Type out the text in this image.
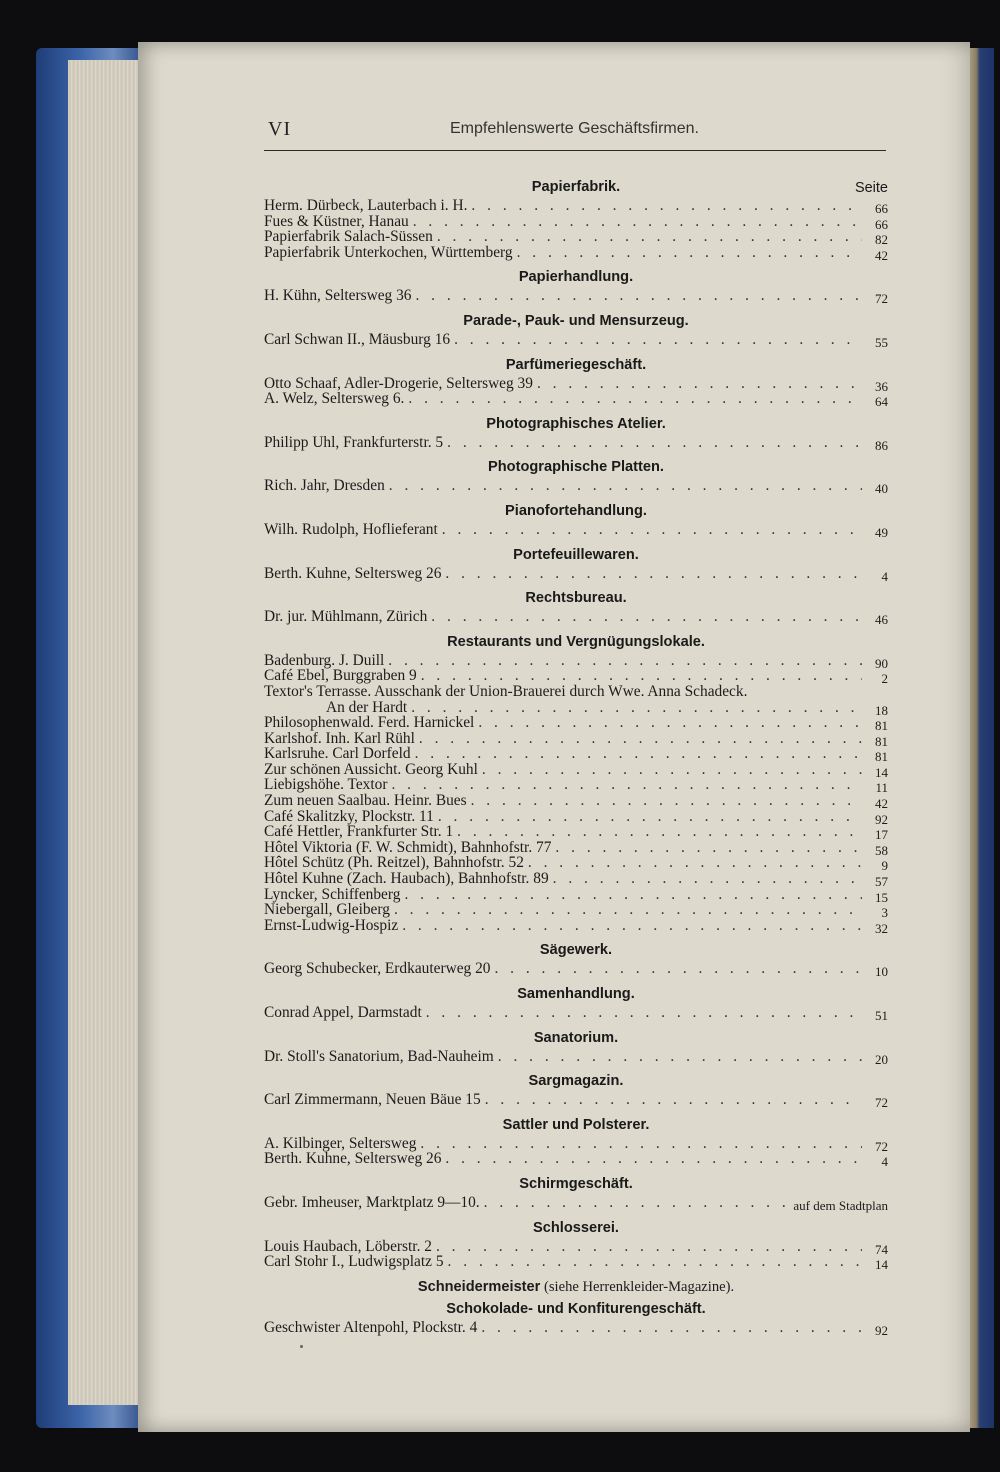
VI	Empfehlenswerte Geschäftsfirmen.
Papierfabrik.	Seite
Herm. Dürbeck, Lauterbach i. H. . . .	66
Fues & Küstner, Hanau . . .	66
Papierfabrik Salach-Süssen . . .	82
Papierfabrik Unterkochen, Württemberg . . .	42
Papierhandlung.
H. Kühn, Seltersweg 36 . . .	72
Parade-, Pauk- und Mensurzeug.
Carl Schwan II., Mäusburg 16 . . .	55
Parfümeriegeschäft.
Otto Schaaf, Adler-Drogerie, Seltersweg 39 . . .	36
A. Welz, Seltersweg 6. . . .	64
Photographisches Atelier.
Philipp Uhl, Frankfurterstr. 5 . . .	86
Photographische Platten.
Rich. Jahr, Dresden . . .	40
Pianofortehandlung.
Wilh. Rudolph, Hoflieferant . . .	49
Portefeuillewaren.
Berth. Kuhne, Seltersweg 26 . . .	4
Rechtsbureau.
Dr. jur. Mühlmann, Zürich . . .	46
Restaurants und Vergnügungslokale.
Badenburg. J. Duill . . .	90
Café Ebel, Burggraben 9 . . .	2
Textor's Terrasse. Ausschank der Union-Brauerei durch Wwe. Anna Schadeck.
An der Hardt . . .	18
Philosophenwald. Ferd. Harnickel . . .	81
Karlshof. Inh. Karl Rühl . . .	81
Karlsruhe. Carl Dorfeld . . .	81
Zur schönen Aussicht. Georg Kuhl . . .	14
Liebigshöhe. Textor . . .	11
Zum neuen Saalbau. Heinr. Bues . . .	42
Café Skalitzky, Plockstr. 11 . . .	92
Café Hettler, Frankfurter Str. 1 . . .	17
Hôtel Viktoria (F. W. Schmidt), Bahnhofstr. 77 . . .	58
Hôtel Schütz (Ph. Reitzel), Bahnhofstr. 52 . . .	9
Hôtel Kuhne (Zach. Haubach), Bahnhofstr. 89 . . .	57
Lyncker, Schiffenberg . . .	15
Niebergall, Gleiberg . . .	3
Ernst-Ludwig-Hospiz . . .	32
Sägewerk.
Georg Schubecker, Erdkauterweg 20 . . .	10
Samenhandlung.
Conrad Appel, Darmstadt . . .	51
Sanatorium.
Dr. Stoll's Sanatorium, Bad-Nauheim . . .	20
Sargmagazin.
Carl Zimmermann, Neuen Bäue 15 . . .	72
Sattler und Polsterer.
A. Kilbinger, Seltersweg . . .	72
Berth. Kuhne, Seltersweg 26 . . .	4
Schirmgeschäft.
Gebr. Imheuser, Marktplatz 9—10. . . .	auf dem Stadtplan
Schlosserei.
Louis Haubach, Löberstr. 2 . . .	74
Carl Stohr I., Ludwigsplatz 5 . . .	14
Schneidermeister (siehe Herrenkleider-Magazine).
Schokolade- und Konfiturengeschäft.
Geschwister Altenpohl, Plockstr. 4 . . .	92
